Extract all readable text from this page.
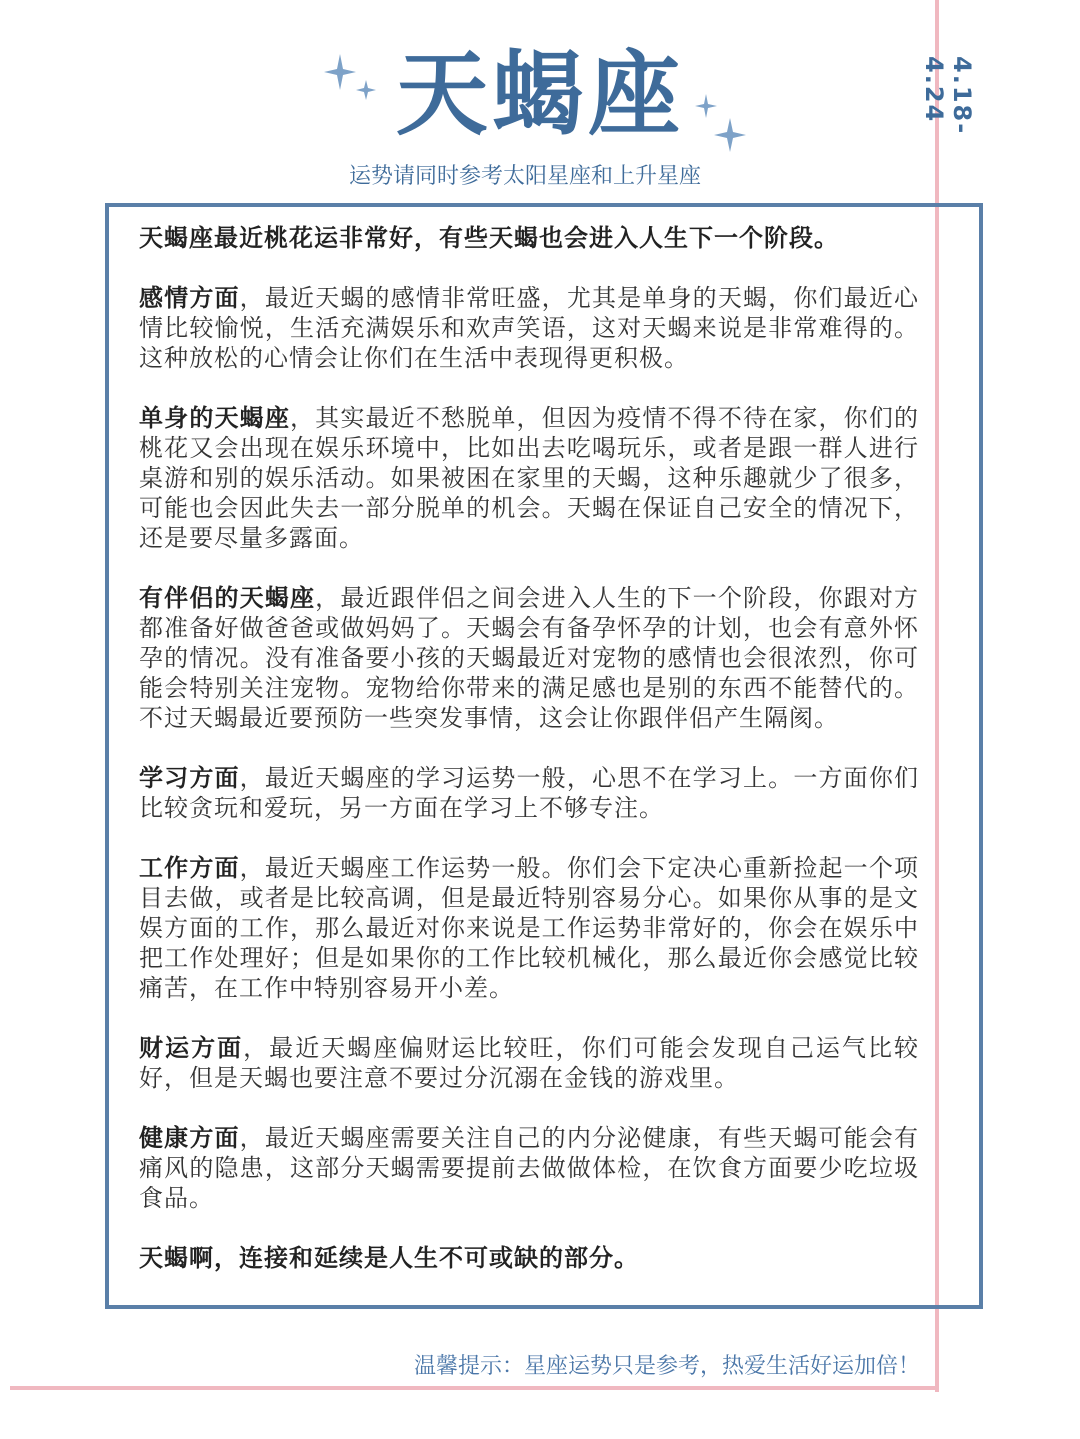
天蝎座
运势请同时参考太阳星座和上升星座
4.18-4.24

天蝎座最近桃花运非常好，有些天蝎也会进入人生下一个阶段。

感情方面，最近天蝎的感情非常旺盛，尤其是单身的天蝎，你们最近心情比较愉悦，生活充满娱乐和欢声笑语，这对天蝎来说是非常难得的。这种放松的心情会让你们在生活中表现得更积极。

单身的天蝎座，其实最近不愁脱单，但因为疫情不得不待在家，你们的桃花又会出现在娱乐环境中，比如出去吃喝玩乐，或者是跟一群人进行桌游和别的娱乐活动。如果被困在家里的天蝎，这种乐趣就少了很多，可能也会因此失去一部分脱单的机会。天蝎在保证自己安全的情况下，还是要尽量多露面。

有伴侣的天蝎座，最近跟伴侣之间会进入人生的下一个阶段，你跟对方都准备好做爸爸或做妈妈了。天蝎会有备孕怀孕的计划，也会有意外怀孕的情况。没有准备要小孩的天蝎最近对宠物的感情也会很浓烈，你可能会特别关注宠物。宠物给你带来的满足感也是别的东西不能替代的。不过天蝎最近要预防一些突发事情，这会让你跟伴侣产生隔阂。

学习方面，最近天蝎座的学习运势一般，心思不在学习上。一方面你们比较贪玩和爱玩，另一方面在学习上不够专注。

工作方面，最近天蝎座工作运势一般。你们会下定决心重新捡起一个项目去做，或者是比较高调，但是最近特别容易分心。如果你从事的是文娱方面的工作，那么最近对你来说是工作运势非常好的，你会在娱乐中把工作处理好；但是如果你的工作比较机械化，那么最近你会感觉比较痛苦，在工作中特别容易开小差。

财运方面，最近天蝎座偏财运比较旺，你们可能会发现自己运气比较好，但是天蝎也要注意不要过分沉溺在金钱的游戏里。

健康方面，最近天蝎座需要关注自己的内分泌健康，有些天蝎可能会有痛风的隐患，这部分天蝎需要提前去做做体检，在饮食方面要少吃垃圾食品。

天蝎啊，连接和延续是人生不可或缺的部分。

温馨提示：星座运势只是参考，热爱生活好运加倍！
